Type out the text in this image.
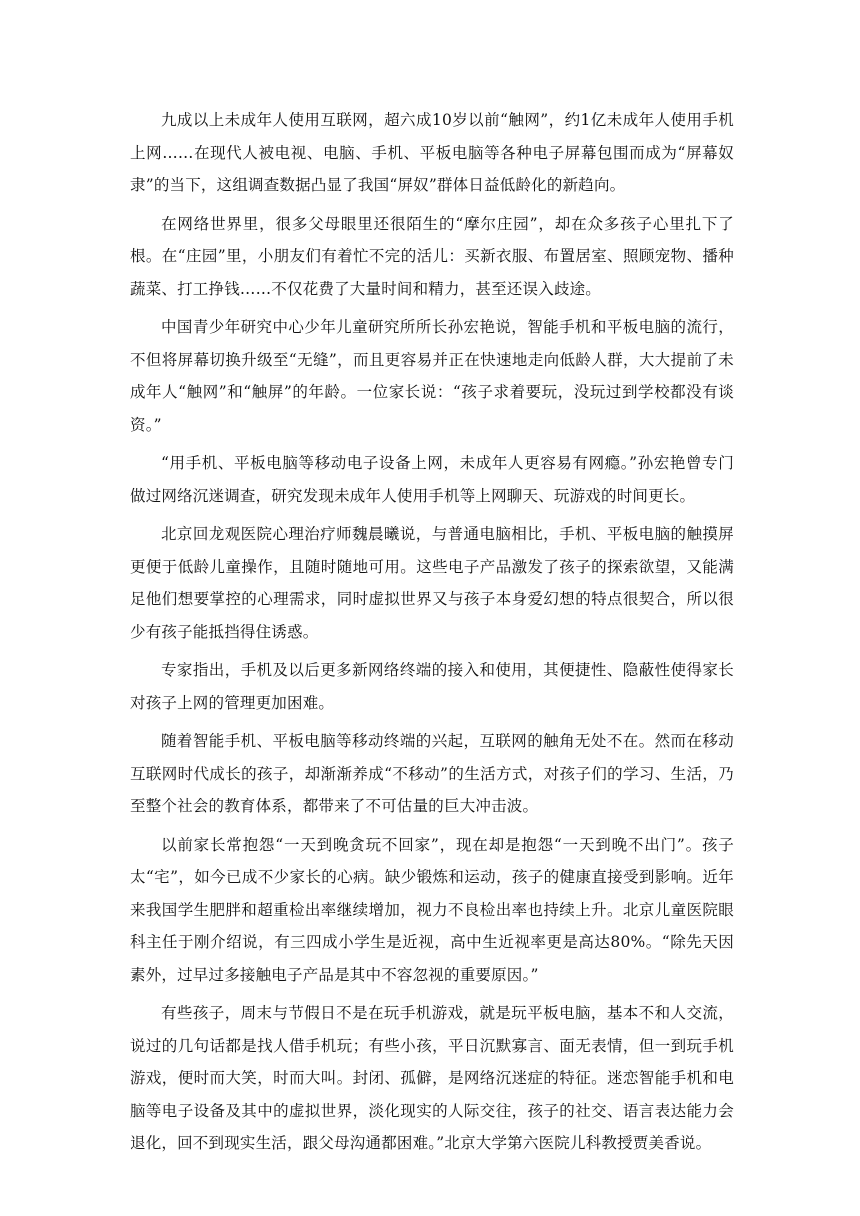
九成以上未成年人使用互联网，超六成10岁以前“触网”，约1亿未成年人使用手机上网……在现代人被电视、电脑、手机、平板电脑等各种电子屏幕包围而成为“屏幕奴隶”的当下，这组调查数据凸显了我国“屏奴”群体日益低龄化的新趋向。

在网络世界里，很多父母眼里还很陌生的“摩尔庄园”，却在众多孩子心里扎下了根。在“庄园”里，小朋友们有着忙不完的活儿：买新衣服、布置居室、照顾宠物、播种蔬菜、打工挣钱……不仅花费了大量时间和精力，甚至还误入歧途。

中国青少年研究中心少年儿童研究所所长孙宏艳说，智能手机和平板电脑的流行，不但将屏幕切换升级至“无缝”，而且更容易并正在快速地走向低龄人群，大大提前了未成年人“触网”和“触屏”的年龄。一位家长说：“孩子求着要玩，没玩过到学校都没有谈资。”

“用手机、平板电脑等移动电子设备上网，未成年人更容易有网瘾。”孙宏艳曾专门做过网络沉迷调查，研究发现未成年人使用手机等上网聊天、玩游戏的时间更长。

北京回龙观医院心理治疗师魏晨曦说，与普通电脑相比，手机、平板电脑的触摸屏更便于低龄儿童操作，且随时随地可用。这些电子产品激发了孩子的探索欲望，又能满足他们想要掌控的心理需求，同时虚拟世界又与孩子本身爱幻想的特点很契合，所以很少有孩子能抵挡得住诱惑。

专家指出，手机及以后更多新网络终端的接入和使用，其便捷性、隐蔽性使得家长对孩子上网的管理更加困难。

随着智能手机、平板电脑等移动终端的兴起，互联网的触角无处不在。然而在移动互联网时代成长的孩子，却渐渐养成“不移动”的生活方式，对孩子们的学习、生活，乃至整个社会的教育体系，都带来了不可估量的巨大冲击波。

以前家长常抱怨“一天到晚贪玩不回家”，现在却是抱怨“一天到晚不出门”。孩子太“宅”，如今已成不少家长的心病。缺少锻炼和运动，孩子的健康直接受到影响。近年来我国学生肥胖和超重检出率继续增加，视力不良检出率也持续上升。北京儿童医院眼科主任于刚介绍说，有三四成小学生是近视，高中生近视率更是高达80%。“除先天因素外，过早过多接触电子产品是其中不容忽视的重要原因。”

有些孩子，周末与节假日不是在玩手机游戏，就是玩平板电脑，基本不和人交流，说过的几句话都是找人借手机玩；有些小孩，平日沉默寡言、面无表情，但一到玩手机游戏，便时而大笑，时而大叫。封闭、孤僻，是网络沉迷症的特征。迷恋智能手机和电脑等电子设备及其中的虚拟世界，淡化现实的人际交往，孩子的社交、语言表达能力会退化，回不到现实生活，跟父母沟通都困难。”北京大学第六医院儿科教授贾美香说。
